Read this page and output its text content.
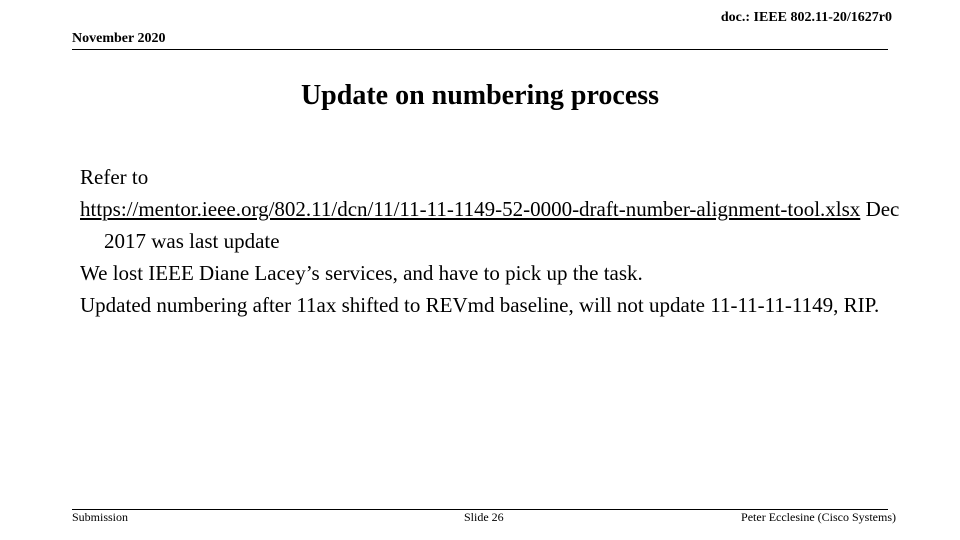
doc.: IEEE 802.11-20/1627r0
November 2020
Update on numbering process

Refer to

https://mentor.ieee.org/802.11/dcn/11/11-11-1149-52-0000-draft-number-alignment-tool.xlsx Dec 2017 was last update

We lost IEEE Diane Lacey’s services, and have to pick up the task.

Updated numbering after 11ax shifted to REVmd baseline, will not update 11-11-11-1149, RIP.

Submission	Slide 26	Peter Ecclesine (Cisco Systems)
